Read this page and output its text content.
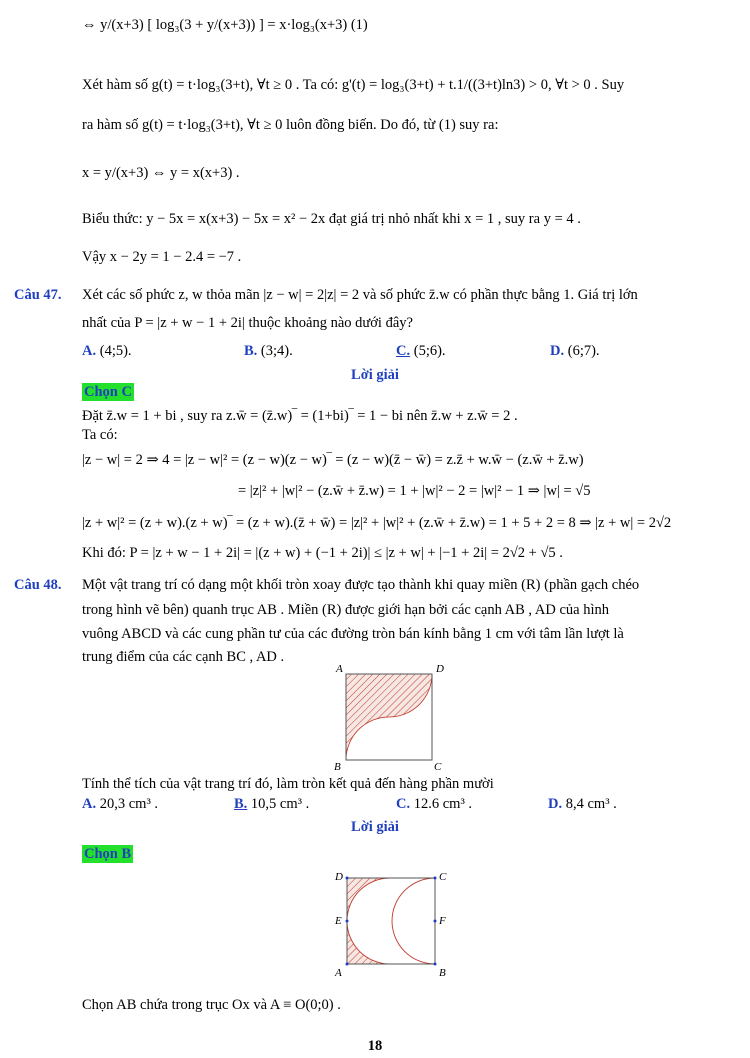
⇔ y/(x+3) [ log₃(3 + y/(x+3)) ] = x·log₃(x+3) (1)
Xét hàm số g(t) = t·log₃(3+t), ∀t ≥ 0 . Ta có: g'(t) = log₃(3+t) + t.1/((3+t)ln3) > 0, ∀t > 0 . Suy
ra hàm số g(t) = t·log₃(3+t), ∀t ≥ 0 luôn đồng biến. Do đó, từ (1) suy ra:
x = y/(x+3) ⇔ y = x(x+3) .
Biểu thức: y − 5x = x(x+3) − 5x = x² − 2x đạt giá trị nhỏ nhất khi x = 1 , suy ra y = 4 .
Vậy x − 2y = 1 − 2.4 = −7 .
Câu 47. Xét các số phức z, w thỏa mãn |z − w| = 2|z| = 2 và số phức z̄.w có phần thực bằng 1. Giá trị lớn
nhất của P = |z + w − 1 + 2i| thuộc khoảng nào dưới đây?
A. (4;5).	B. (3;4).	C. (5;6).	D. (6;7).
Lời giải
Chọn C
Đặt z̄.w = 1 + bi , suy ra z.w̄ = (z̄.w)‾ = (1+bi)‾ = 1 − bi nên z̄.w + z.w̄ = 2 .
Ta có:
|z − w| = 2 ⇒ 4 = |z − w|² = (z − w)(z − w)‾ = (z − w)(z̄ − w̄) = z.z̄ + w.w̄ − (z.w̄ + z̄.w)
= |z|² + |w|² − (z.w̄ + z̄.w) = 1 + |w|² − 2 = |w|² − 1 ⇒ |w| = √5
|z + w|² = (z + w).(z + w)‾ = (z + w).(z̄ + w̄) = |z|² + |w|² + (z.w̄ + z̄.w) = 1 + 5 + 2 = 8 ⇒ |z + w| = 2√2
Khi đó: P = |z + w − 1 + 2i| = |(z + w) + (−1 + 2i)| ≤ |z + w| + |−1 + 2i| = 2√2 + √5 .
Câu 48. Một vật trang trí có dạng một khối tròn xoay được tạo thành khi quay miền (R) (phần gạch chéo
trong hình vẽ bên) quanh trục AB . Miền (R) được giới hạn bởi các cạnh AB , AD của hình
vuông ABCD và các cung phần tư của các đường tròn bán kính bằng 1 cm với tâm lần lượt là
trung điểm của các cạnh BC , AD .
A	D
B	C
Tính thể tích của vật trang trí đó, làm tròn kết quả đến hàng phần mười
A. 20,3 cm³ .	B. 10,5 cm³ .	C. 12.6 cm³ .	D. 8,4 cm³ .
Lời giải
Chọn B
D	C
E	F
A	B
Chọn AB chứa trong trục Ox và A ≡ O(0;0) .
18
